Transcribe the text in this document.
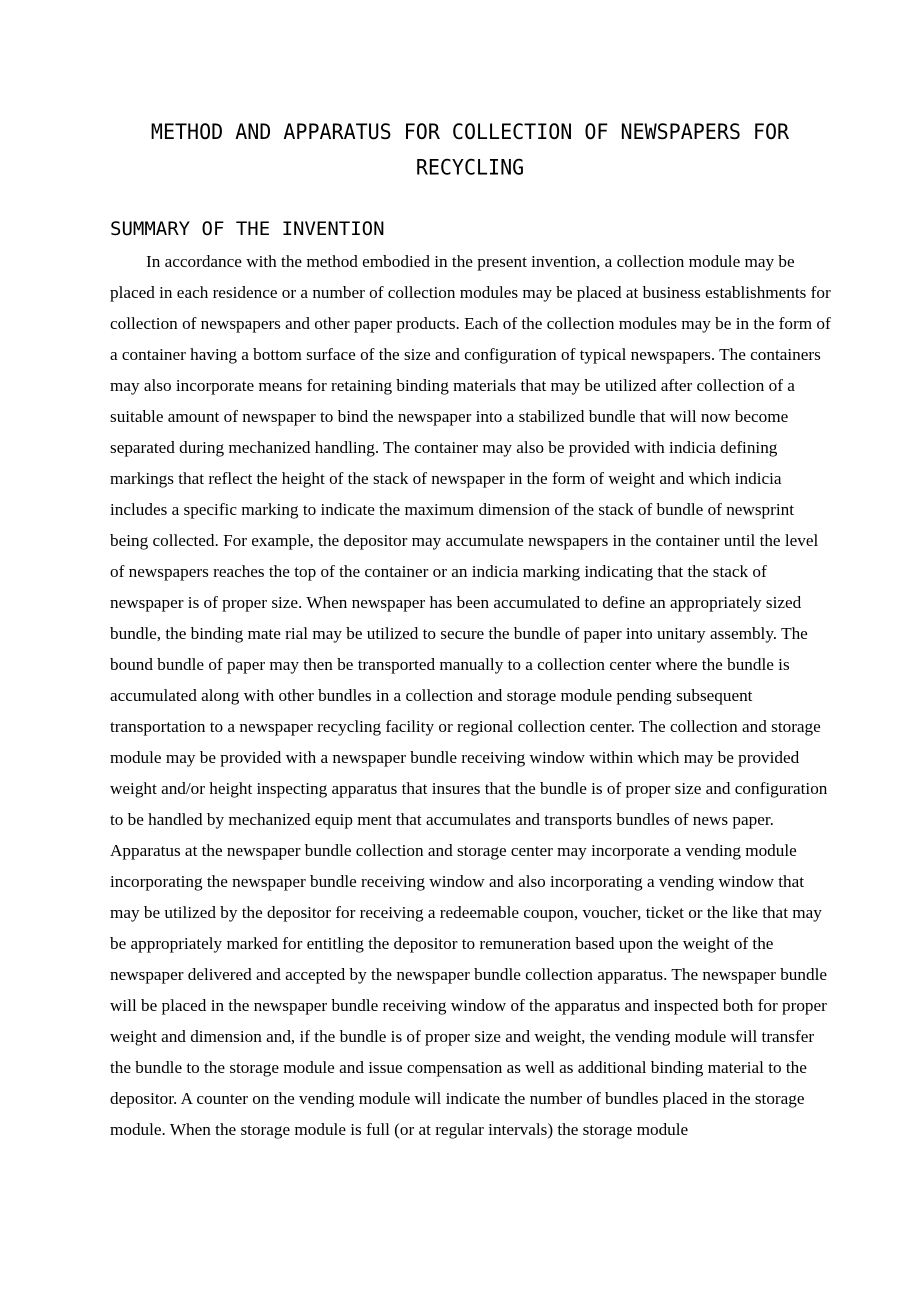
METHOD AND APPARATUS FOR COLLECTION OF NEWSPAPERS FOR RECYCLING
SUMMARY OF THE INVENTION

In accordance with the method embodied in the present invention, a collection module may be placed in each residence or a number of collection modules may be placed at business establishments for collection of newspapers and other paper products. Each of the collection modules may be in the form of a container having a bottom surface of the size and configuration of typical newspapers. The containers may also incorporate means for retaining binding materials that may be utilized after collection of a suitable amount of newspaper to bind the newspaper into a stabilized bundle that will now become separated during mechanized handling. The container may also be provided with indicia defining markings that reflect the height of the stack of newspaper in the form of weight and which indicia includes a specific marking to indicate the maximum dimension of the stack of bundle of newsprint being collected. For example, the depositor may accumulate newspapers in the container until the level of newspapers reaches the top of the container or an indicia marking indicating that the stack of newspaper is of proper size. When newspaper has been accumulated to define an appropriately sized bundle, the binding mate rial may be utilized to secure the bundle of paper into unitary assembly. The bound bundle of paper may then be transported manually to a collection center where the bundle is accumulated along with other bundles in a collection and storage module pending subsequent transportation to a newspaper recycling facility or regional collection center. The collection and storage module may be provided with a newspaper bundle receiving window within which may be provided weight and/or height inspecting apparatus that insures that the bundle is of proper size and configuration to be handled by mechanized equip ment that accumulates and transports bundles of news paper. Apparatus at the newspaper bundle collection and storage center may incorporate a vending module incorporating the newspaper bundle receiving window and also incorporating a vending window that may be utilized by the depositor for receiving a redeemable coupon, voucher, ticket or the like that may be appropriately marked for entitling the depositor to remuneration based upon the weight of the newspaper delivered and accepted by the newspaper bundle collection apparatus. The newspaper bundle will be placed in the newspaper bundle receiving window of the apparatus and inspected both for proper weight and dimension and, if the bundle is of proper size and weight, the vending module will transfer the bundle to the storage module and issue compensation as well as additional binding material to the depositor. A counter on the vending module will indicate the number of bundles placed in the storage module. When the storage module is full (or at regular intervals) the storage module
